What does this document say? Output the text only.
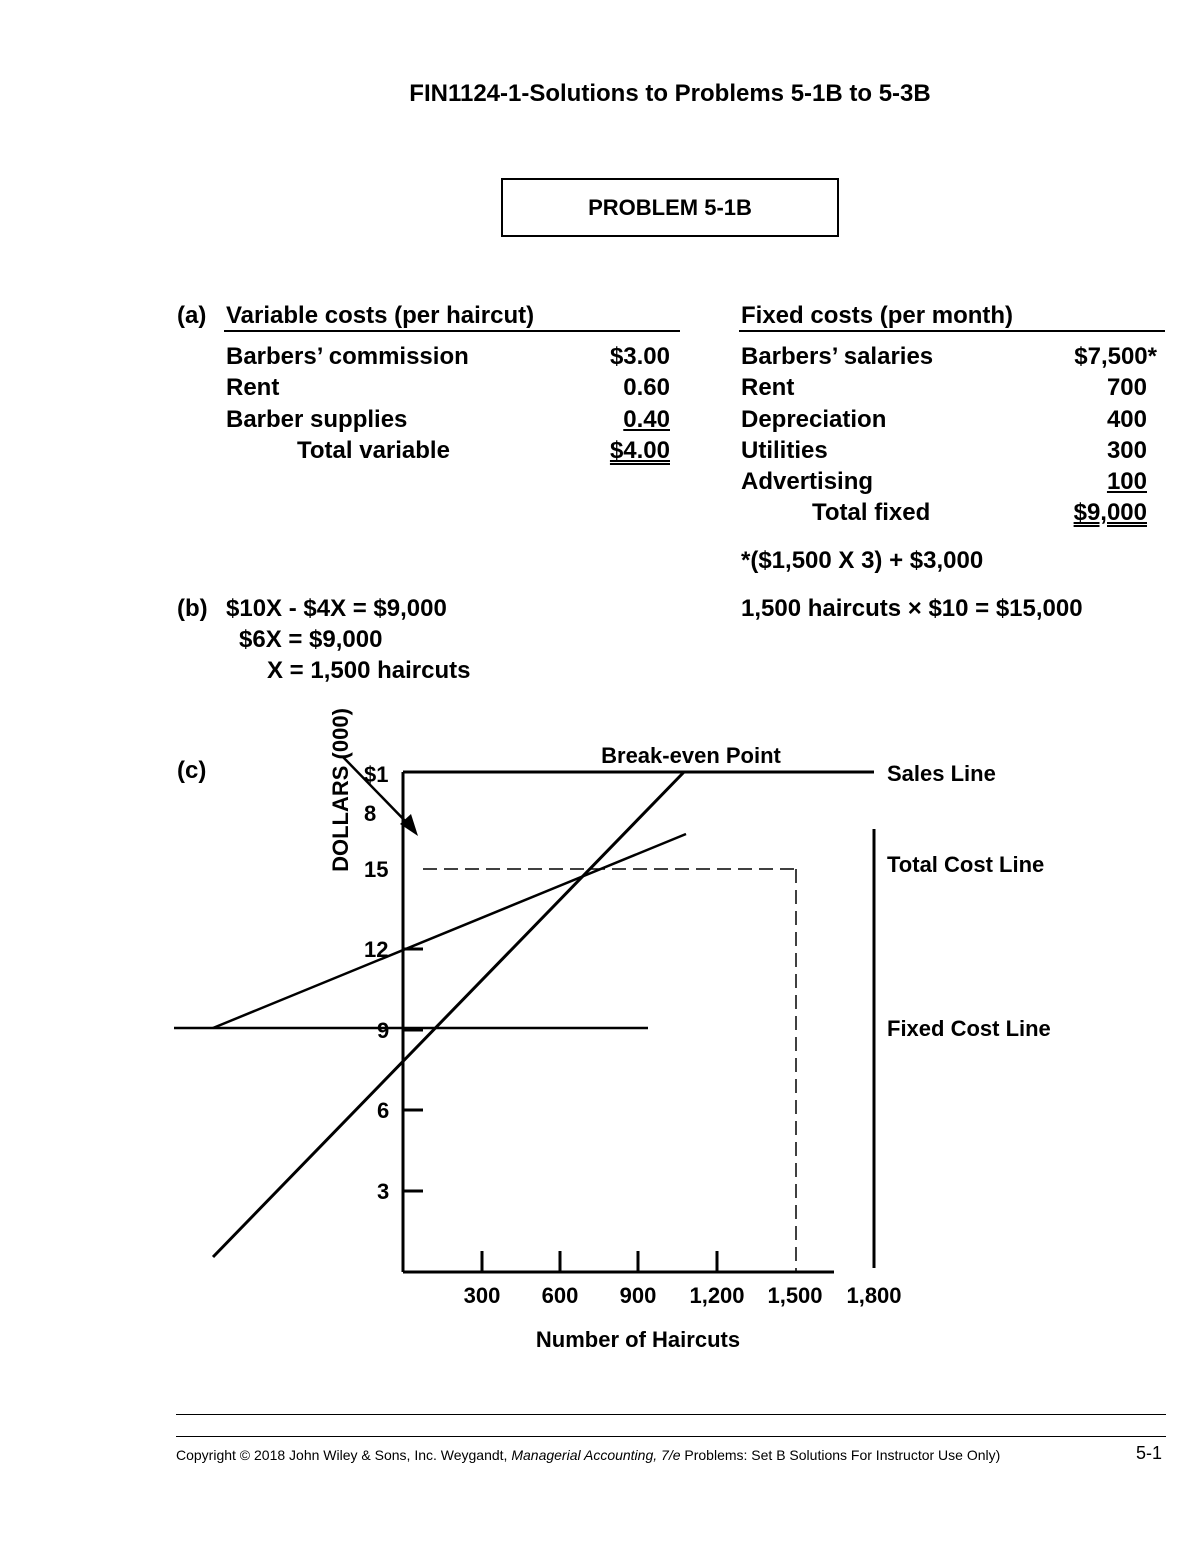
FIN1124-1-Solutions to Problems 5-1B to 5-3B
PROBLEM 5-1B
(a) Variable costs (per haircut)
Barbers’ commission	$3.00
Rent	0.60
Barber supplies	0.40
Total variable	$4.00
Fixed costs (per month)
Barbers’ salaries	$7,500*
Rent	700
Depreciation	400
Utilities	300
Advertising	100
Total fixed	$9,000
*($1,500 X 3) + $3,000
(b) $10X - $4X = $9,000
$6X = $9,000
X = 1,500 haircuts
1,500 haircuts × $10 = $15,000
(c)	DOLLARS (000) $1
8
15
12
9
6
3
300 600 900 1,200 1,500 1,800
Number of Haircuts
Break-even Point
Sales Line
Total Cost Line
Fixed Cost Line
Copyright © 2018 John Wiley & Sons, Inc. Weygandt, Managerial Accounting, 7/e Problems: Set B Solutions For Instructor Use Only)	5-1
